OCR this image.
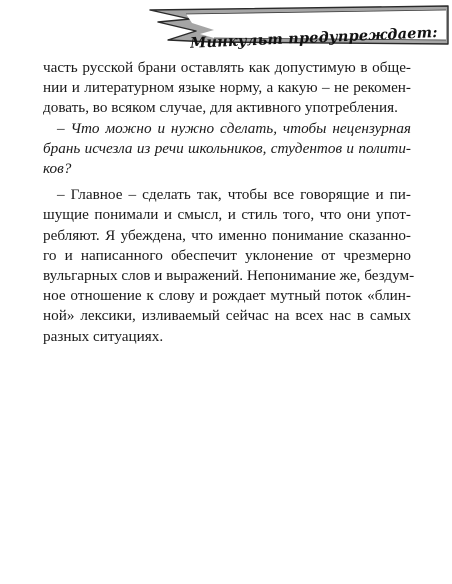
Минкульт предупреждает:

часть русской брани оставлять как допустимую в обще-
нии и литературном языке норму, а какую – не рекомен-
довать, во всяком случае, для активного употребления.

– Что можно и нужно сделать, чтобы нецензурная
брань исчезла из речи школьников, студентов и полити-
ков?

– Главное – сделать так, чтобы все говорящие и пи-
шущие понимали и смысл, и стиль того, что они упот-
ребляют. Я убеждена, что именно понимание сказанно-
го и написанного обеспечит уклонение от чрезмерно
вульгарных слов и выражений. Непонимание же, бездум-
ное отношение к слову и рождает мутный поток «блин-
ной» лексики, изливаемый сейчас на всех нас в самых
разных ситуациях.
